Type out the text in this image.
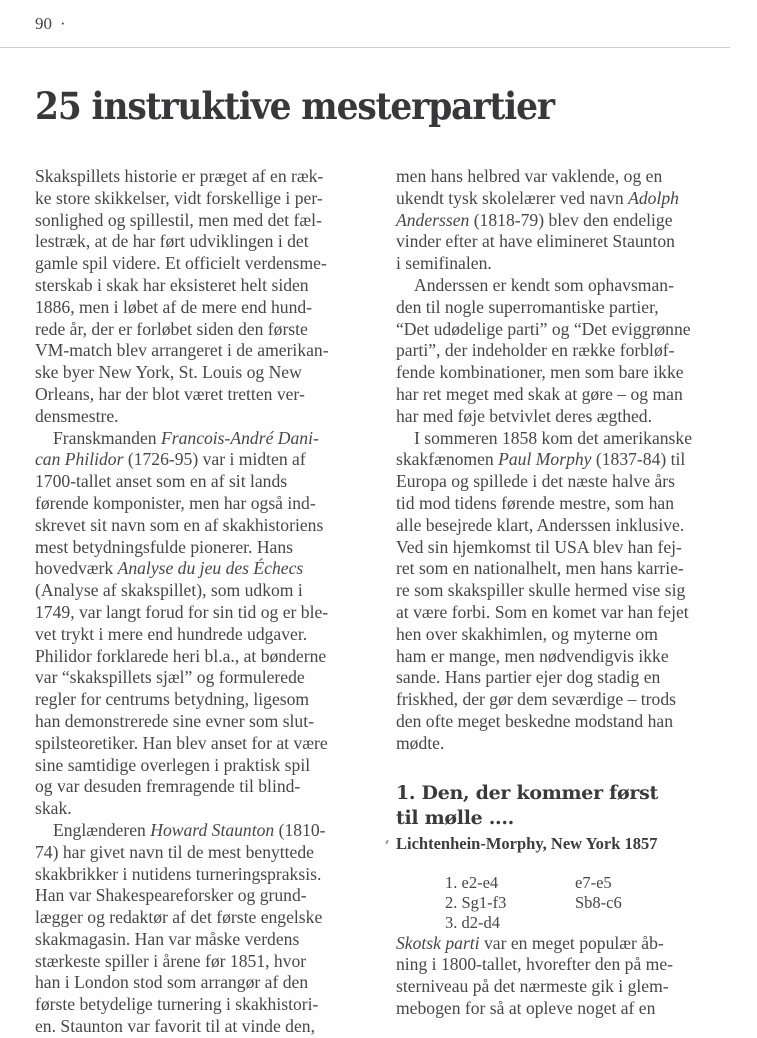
90 ·
25 instruktive mesterpartier
Skakspillets historie er præget af en ræk-
ke store skikkelser, vidt forskellige i per-
sonlighed og spillestil, men med det fæl-
lestræk, at de har ført udviklingen i det
gamle spil videre. Et officielt verdensme-
sterskab i skak har eksisteret helt siden
1886, men i løbet af de mere end hund-
rede år, der er forløbet siden den første
VM-match blev arrangeret i de amerikan-
ske byer New York, St. Louis og New
Orleans, har der blot været tretten ver-
densmestre.
Franskmanden Francois-André Dani-
can Philidor (1726-95) var i midten af
1700-tallet anset som en af sit lands
førende komponister, men har også ind-
skrevet sit navn som en af skakhistoriens
mest betydningsfulde pionerer. Hans
hovedværk Analyse du jeu des Échecs
(Analyse af skakspillet), som udkom i
1749, var langt forud for sin tid og er ble-
vet trykt i mere end hundrede udgaver.
Philidor forklarede heri bl.a., at bønderne
var “skakspillets sjæl” og formulerede
regler for centrums betydning, ligesom
han demonstrerede sine evner som slut-
spilsteoretiker. Han blev anset for at være
sine samtidige overlegen i praktisk spil
og var desuden fremragende til blind-
skak.
Englænderen Howard Staunton (1810-
74) har givet navn til de mest benyttede
skakbrikker i nutidens turneringspraksis.
Han var Shakespeareforsker og grund-
lægger og redaktør af det første engelske
skakmagasin. Han var måske verdens
stærkeste spiller i årene før 1851, hvor
han i London stod som arrangør af den
første betydelige turnering i skakhistori-
en. Staunton var favorit til at vinde den,
men hans helbred var vaklende, og en
ukendt tysk skolelærer ved navn Adolph
Anderssen (1818-79) blev den endelige
vinder efter at have elimineret Staunton
i semifinalen.
Anderssen er kendt som ophavsman-
den til nogle superromantiske partier,
“Det udødelige parti” og “Det eviggrønne
parti”, der indeholder en række forbløf-
fende kombinationer, men som bare ikke
har ret meget med skak at gøre – og man
har med føje betvivlet deres ægthed.
I sommeren 1858 kom det amerikanske
skakfænomen Paul Morphy (1837-84) til
Europa og spillede i det næste halve års
tid mod tidens førende mestre, som han
alle besejrede klart, Anderssen inklusive.
Ved sin hjemkomst til USA blev han fej-
ret som en nationalhelt, men hans karrie-
re som skakspiller skulle hermed vise sig
at være forbi. Som en komet var han fejet
hen over skakhimlen, og myterne om
ham er mange, men nødvendigvis ikke
sande. Hans partier ejer dog stadig en
friskhed, der gør dem seværdige – trods
den ofte meget beskedne modstand han
mødte.
1. Den, der kommer først
til mølle ....
Lichtenhein-Morphy, New York 1857
1. e2-e4	e7-e5
2. Sg1-f3	Sb8-c6
3. d2-d4
Skotsk parti var en meget populær åb-
ning i 1800-tallet, hvorefter den på me-
sterniveau på det nærmeste gik i glem-
mebogen for så at opleve noget af en
